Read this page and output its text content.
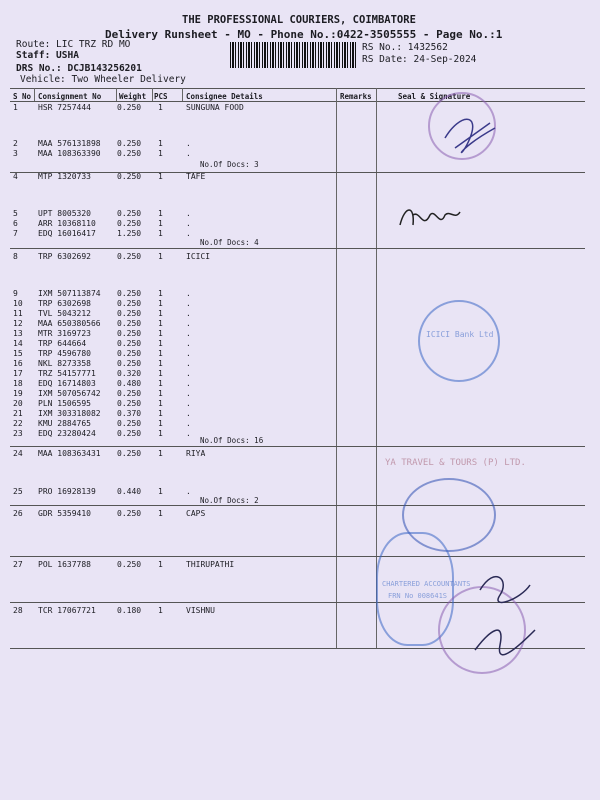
THE PROFESSIONAL COURIERS, COIMBATORE
Delivery Runsheet - MO - Phone No.:0422-3505555 - Page No.:1
Route: LIC TRZ RD MO
Staff: USHA
DRS No.: DCJB143256201
Vehicle: Two Wheeler Delivery
RS No.: 1432562
RS Date: 24-Sep-2024
S No Consignment No Weight PCS Consignee Details	Remarks	Seal & Signature
1	HSR 7257444	0.250 1	SUNGUNA FOOD
2	MAA 576131898 0.250 1	.
3	MAA 108363390 0.250 1	.
4	MTP 1320733	0.250 1	TAFE
5	UPT 8005320	0.250 1	.
6	ARR 10368110	0.250 1	.
7	EDQ 16016417	1.250 1	.
8	TRP 6302692	0.250 1	ICICI
9	IXM 507113874 0.250 1	.
10 TRP 6302698	0.250 1	.
11 TVL 5043212	0.250 1	.
12 MAA 650380566 0.250 1	.
13 MTR 3169723	0.250 1	.
14 TRP 644664	0.250 1	.
15 TRP 4596780	0.250 1	.
16 NKL 8273358	0.250 1	.
17 TRZ 54157771	0.320 1	.
18 EDQ 16714803	0.480 1	.
19 IXM 507056742 0.250 1	.
20 PLN 1506595	0.250 1	.
21 IXM 303318082 0.370 1	.
22 KMU 2884765	0.250 1	.
23 EDQ 23280424	0.250 1	.
24 MAA 108363431 0.250 1	RIYA
25 PRO 16928139	0.440 1	.
26 GDR 5359410	0.250 1	CAPS
27 POL 1637788	0.250 1	THIRUPATHI
28 TCR 17067721	0.180 1	VISHNU
No.Of Docs: 3
No.Of Docs: 4
No.Of Docs: 16
No.Of Docs: 2
ICICI Bank Ltd
YA TRAVEL & TOURS (P) LTD.
CHARTERED ACCOUNTANTS
FRN No 008641S
